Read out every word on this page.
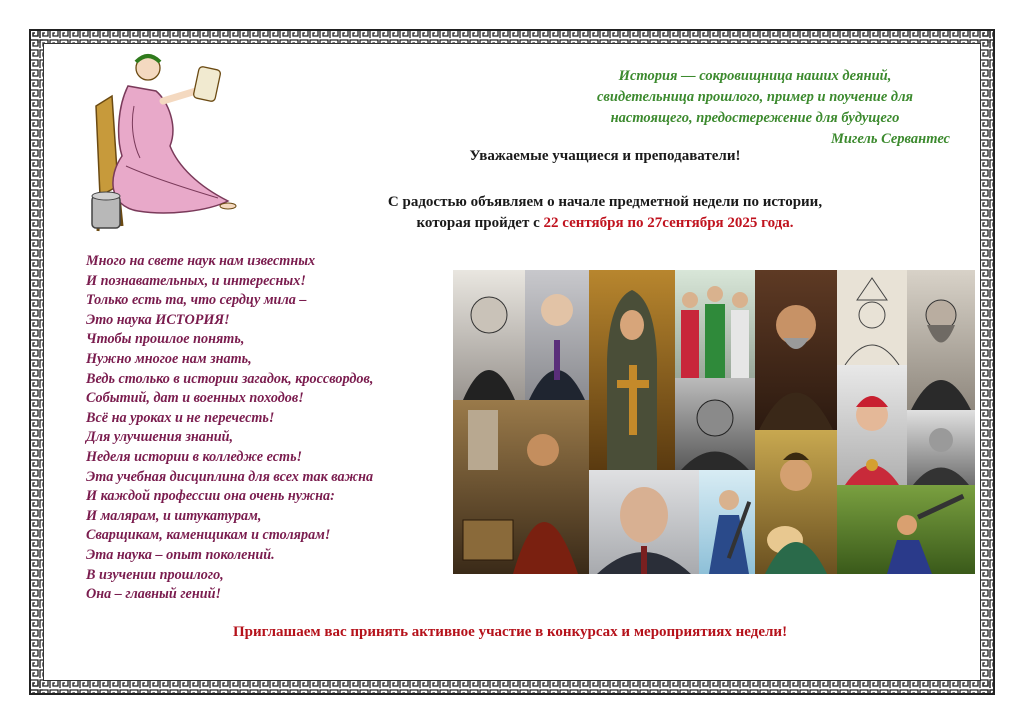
История — сокровищница наших деяний,
свидетельница прошлого, пример и поучение для
настоящего, предостережение для будущего
Мигель Сервантес
Уважаемые учащиеся и преподаватели!
С радостью объявляем о начале предметной недели по истории,
которая пройдет с 22 сентября по 27сентября 2025 года.
Много на свете наук нам известных
И познавательных, и интересных!
Только есть та, что сердцу мила –
Это наука ИСТОРИЯ!
Чтобы прошлое понять,
Нужно многое нам знать,
Ведь столько в истории загадок, кроссвордов,
Событий, дат и военных походов!
Всё на уроках и не перечесть!
Для улучшения знаний,
Неделя истории в колледже есть!
Эта учебная дисциплина для всех так важна
И каждой профессии она очень нужна:
И малярам, и штукатурам,
Сварщикам, каменщикам и столярам!
Эта наука – опыт поколений.
В изучении прошлого,
Она – главный гений!
Приглашаем вас принять активное участие в конкурсах и мероприятиях недели!
